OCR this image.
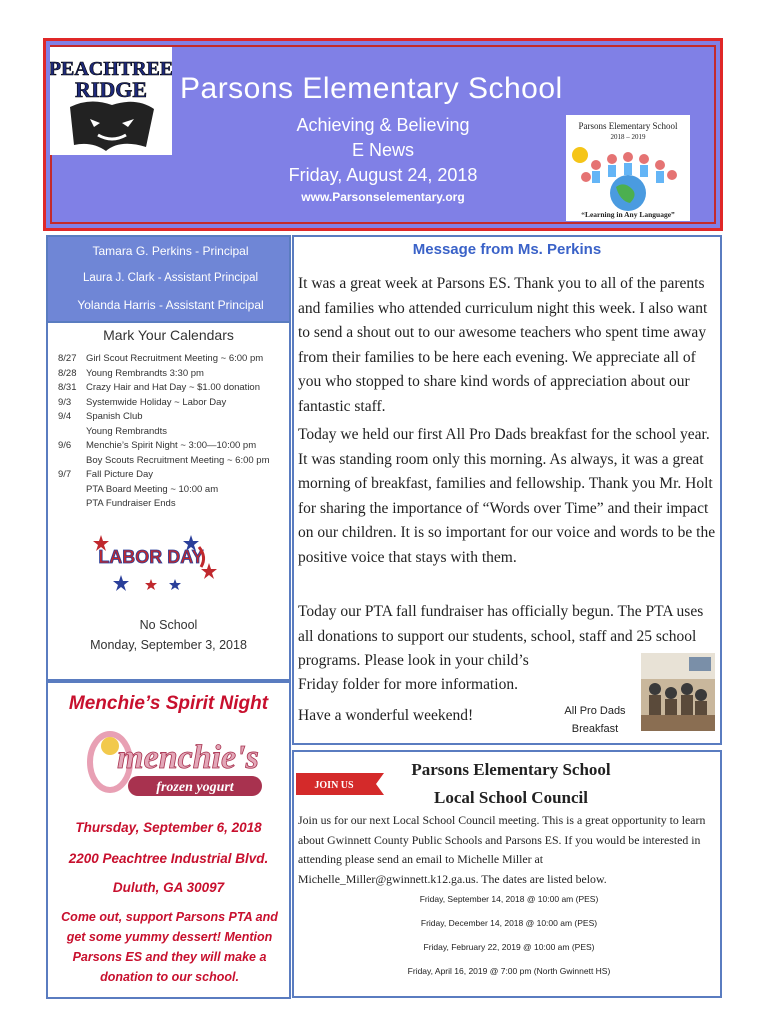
PEACHTREE
RIDGE Parsons Elementary School
Achieving & Believing
E News
Friday, August 24, 2018
www.Parsonselementary.org
Parsons Elementary School
2018 – 2019
“Learning in Any Language”
Tamara G. Perkins - Principal
Laura J. Clark - Assistant Principal
Yolanda Harris - Assistant Principal
Mark Your Calendars
8/27 Girl Scout Recruitment Meeting ~ 6:00 pm
8/28 Young Rembrandts 3:30 pm
8/31 Crazy Hair and Hat Day ~ $1.00 donation
9/3 Systemwide Holiday ~ Labor Day
9/4 Spanish Club
Young Rembrandts
9/6 Menchie’s Spirit Night ~ 3:00—10:00 pm
Boy Scouts Recruitment Meeting ~ 6:00 pm
9/7 Fall Picture Day
PTA Board Meeting ~ 10:00 am
PTA Fundraiser Ends
LABOR DAY
No School
Monday, September 3, 2018
Menchie’s Spirit Night
menchie's
frozen yogurt
Thursday, September 6, 2018
2200 Peachtree Industrial Blvd.
Duluth, GA 30097
Come out, support Parsons PTA and get some yummy dessert! Mention Parsons ES and they will make a donation to our school.
Message from Ms. Perkins
It was a great week at Parsons ES. Thank you to all of the parents and families who attended curriculum night this week. I also want to send a shout out to our awesome teachers who spent time away from their families to be here each evening. We appreciate all of you who stopped to share kind words of appreciation about our fantastic staff.
Today we held our first All Pro Dads breakfast for the school year. It was standing room only this morning. As always, it was a great morning of breakfast, families and fellowship. Thank you Mr. Holt for sharing the importance of “Words over Time” and their impact on our children. It is so important for our voice and words to be the positive voice that stays with them.
Today our PTA fall fundraiser has officially begun. The PTA uses all donations to support our students, school, staff and 25 school programs. Please look in your child’s
Friday folder for more information.
Have a wonderful weekend!	All Pro Dads
Breakfast
JOIN US
Parsons Elementary School
Local School Council
Join us for our next Local School Council meeting. This is a great opportunity to learn about Gwinnett County Public Schools and Parsons ES. If you would be interested in attending please send an email to Michelle Miller at Michelle_Miller@gwinnett.k12.ga.us. The dates are listed below.
Friday, September 14, 2018 @ 10:00 am (PES)
Friday, December 14, 2018 @ 10:00 am (PES)
Friday, February 22, 2019 @ 10:00 am (PES)
Friday, April 16, 2019 @ 7:00 pm (North Gwinnett HS)
